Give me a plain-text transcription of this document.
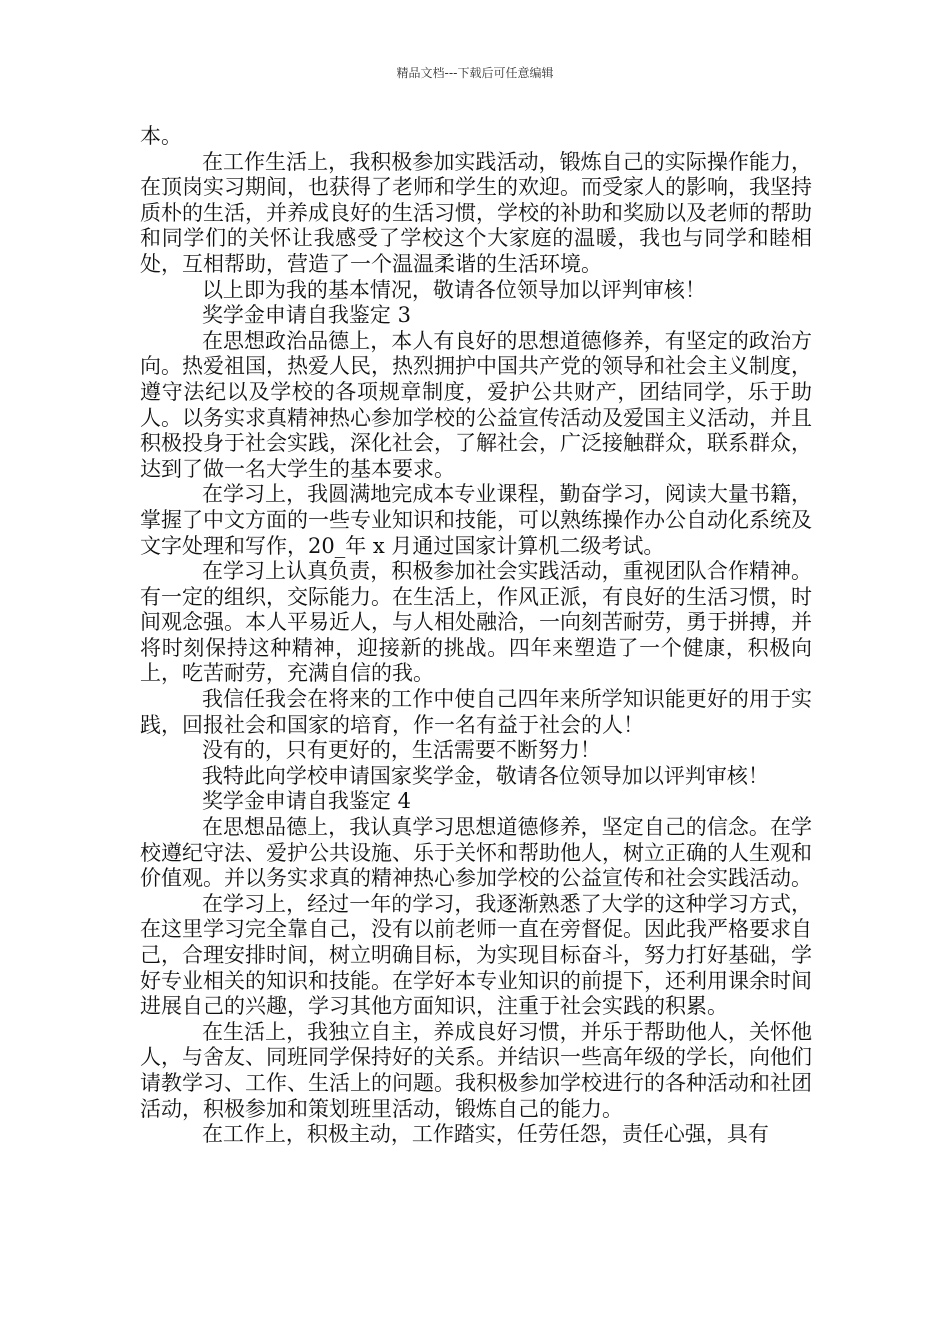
精品文档---下载后可任意编辑

本。

在工作生活上，我积极参加实践活动，锻炼自己的实际操作能力，在顶岗实习期间，也获得了老师和学生的欢迎。而受家人的影响，我坚持质朴的生活，并养成良好的生活习惯，学校的补助和奖励以及老师的帮助和同学们的关怀让我感受了学校这个大家庭的温暖，我也与同学和睦相处，互相帮助，营造了一个温温柔谐的生活环境。

以上即为我的基本情况，敬请各位领导加以评判审核！

奖学金申请自我鉴定 3

在思想政治品德上，本人有良好的思想道德修养，有坚定的政治方向。热爱祖国，热爱人民，热烈拥护中国共产党的领导和社会主义制度，遵守法纪以及学校的各项规章制度，爱护公共财产，团结同学，乐于助人。以务实求真精神热心参加学校的公益宣传活动及爱国主义活动，并且积极投身于社会实践，深化社会，了解社会，广泛接触群众，联系群众，达到了做一名大学生的基本要求。

在学习上，我圆满地完成本专业课程，勤奋学习，阅读大量书籍，掌握了中文方面的一些专业知识和技能，可以熟练操作办公自动化系统及文字处理和写作，20_年 x 月通过国家计算机二级考试。

在学习上认真负责，积极参加社会实践活动，重视团队合作精神。有一定的组织，交际能力。在生活上，作风正派，有良好的生活习惯，时间观念强。本人平易近人，与人相处融洽，一向刻苦耐劳，勇于拼搏，并将时刻保持这种精神，迎接新的挑战。四年来塑造了一个健康，积极向上，吃苦耐劳，充满自信的我。

我信任我会在将来的工作中使自己四年来所学知识能更好的用于实践，回报社会和国家的培育，作一名有益于社会的人！

没有的，只有更好的，生活需要不断努力！

我特此向学校申请国家奖学金，敬请各位领导加以评判审核！

奖学金申请自我鉴定 4

在思想品德上，我认真学习思想道德修养，坚定自己的信念。在学校遵纪守法、爱护公共设施、乐于关怀和帮助他人，树立正确的人生观和价值观。并以务实求真的精神热心参加学校的公益宣传和社会实践活动。

在学习上，经过一年的学习，我逐渐熟悉了大学的这种学习方式，在这里学习完全靠自己，没有以前老师一直在旁督促。因此我严格要求自己，合理安排时间，树立明确目标，为实现目标奋斗，努力打好基础，学好专业相关的知识和技能。在学好本专业知识的前提下，还利用课余时间进展自己的兴趣，学习其他方面知识，注重于社会实践的积累。

在生活上，我独立自主，养成良好习惯，并乐于帮助他人，关怀他人，与舍友、同班同学保持好的关系。并结识一些高年级的学长，向他们请教学习、工作、生活上的问题。我积极参加学校进行的各种活动和社团活动，积极参加和策划班里活动，锻炼自己的能力。

在工作上，积极主动，工作踏实，任劳任怨，责任心强，具有
